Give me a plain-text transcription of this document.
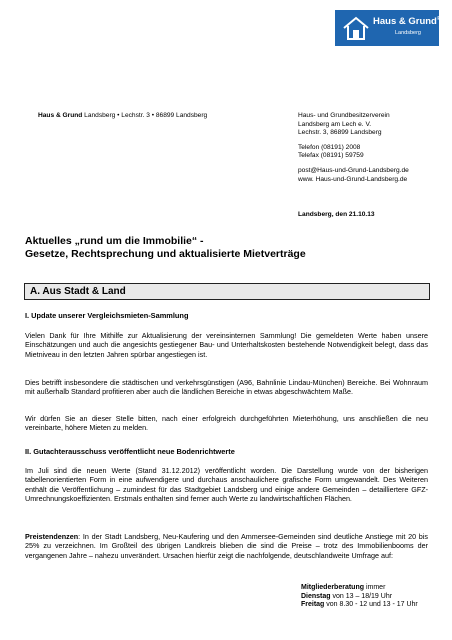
Haus & Grund®
Landsberg
Haus & Grund Landsberg • Lechstr. 3 • 86899 Landsberg	Haus- und Grundbesitzerverein
Landsberg am Lech e. V.
Lechstr. 3, 86899 Landsberg
Telefon (08191) 2008
Telefax (08191) 59759
post@Haus-und-Grund-Landsberg.de
www. Haus-und-Grund-Landsberg.de
Landsberg, den 21.10.13
Aktuelles „rund um die Immobilie“ -
Gesetze, Rechtsprechung und aktualisierte Mietverträge
A. Aus Stadt & Land
I. Update unserer Vergleichsmieten-Sammlung
Vielen Dank für Ihre Mithilfe zur Aktualisierung der vereinsinternen Sammlung! Die gemeldeten Werte haben unsere Einschätzungen und auch die angesichts gestiegener Bau- und Unterhaltskosten bestehende Notwendigkeit belegt, dass das Mietniveau in den letzten Jahren spürbar angestiegen ist.
Dies betrifft insbesondere die städtischen und verkehrsgünstigen (A96, Bahnlinie Lindau-München) Bereiche. Bei Wohnraum mit außerhalb Standard profitieren aber auch die ländlichen Bereiche in etwas abgeschwächtem Maße.
Wir dürfen Sie an dieser Stelle bitten, nach einer erfolgreich durchgeführten Mieterhöhung, uns anschließen die neu vereinbarte, höhere Mieten zu melden.
II. Gutachterausschuss veröffentlicht neue Bodenrichtwerte
Im Juli sind die neuen Werte (Stand 31.12.2012) veröffentlicht worden. Die Darstellung wurde von der bisherigen tabellenorientierten Form in eine aufwendigere und durchaus anschaulichere grafische Form umgewandelt. Des Weiteren enthält die Veröffentlichung – zumindest für das Stadtgebiet Landsberg und einige andere Gemeinden – detailliertere GFZ-Umrechnungskoeffizienten. Erstmals enthalten sind ferner auch Werte zu landwirtschaftlichen Flächen.
Preistendenzen: In der Stadt Landsberg, Neu-Kaufering und den Ammersee-Gemeinden sind deutliche Anstiege mit 20 bis 25% zu verzeichnen. Im Großteil des übrigen Landkreis blieben die sind die Preise – trotz des Immobilienbooms der vergangenen Jahre – nahezu unverändert. Ursachen hierfür zeigt die nachfolgende, deutschlandweite Umfrage auf:
Mitgliederberatung immer
Dienstag von 13 – 18/19 Uhr
Freitag von 8.30 - 12 und 13 - 17 Uhr
